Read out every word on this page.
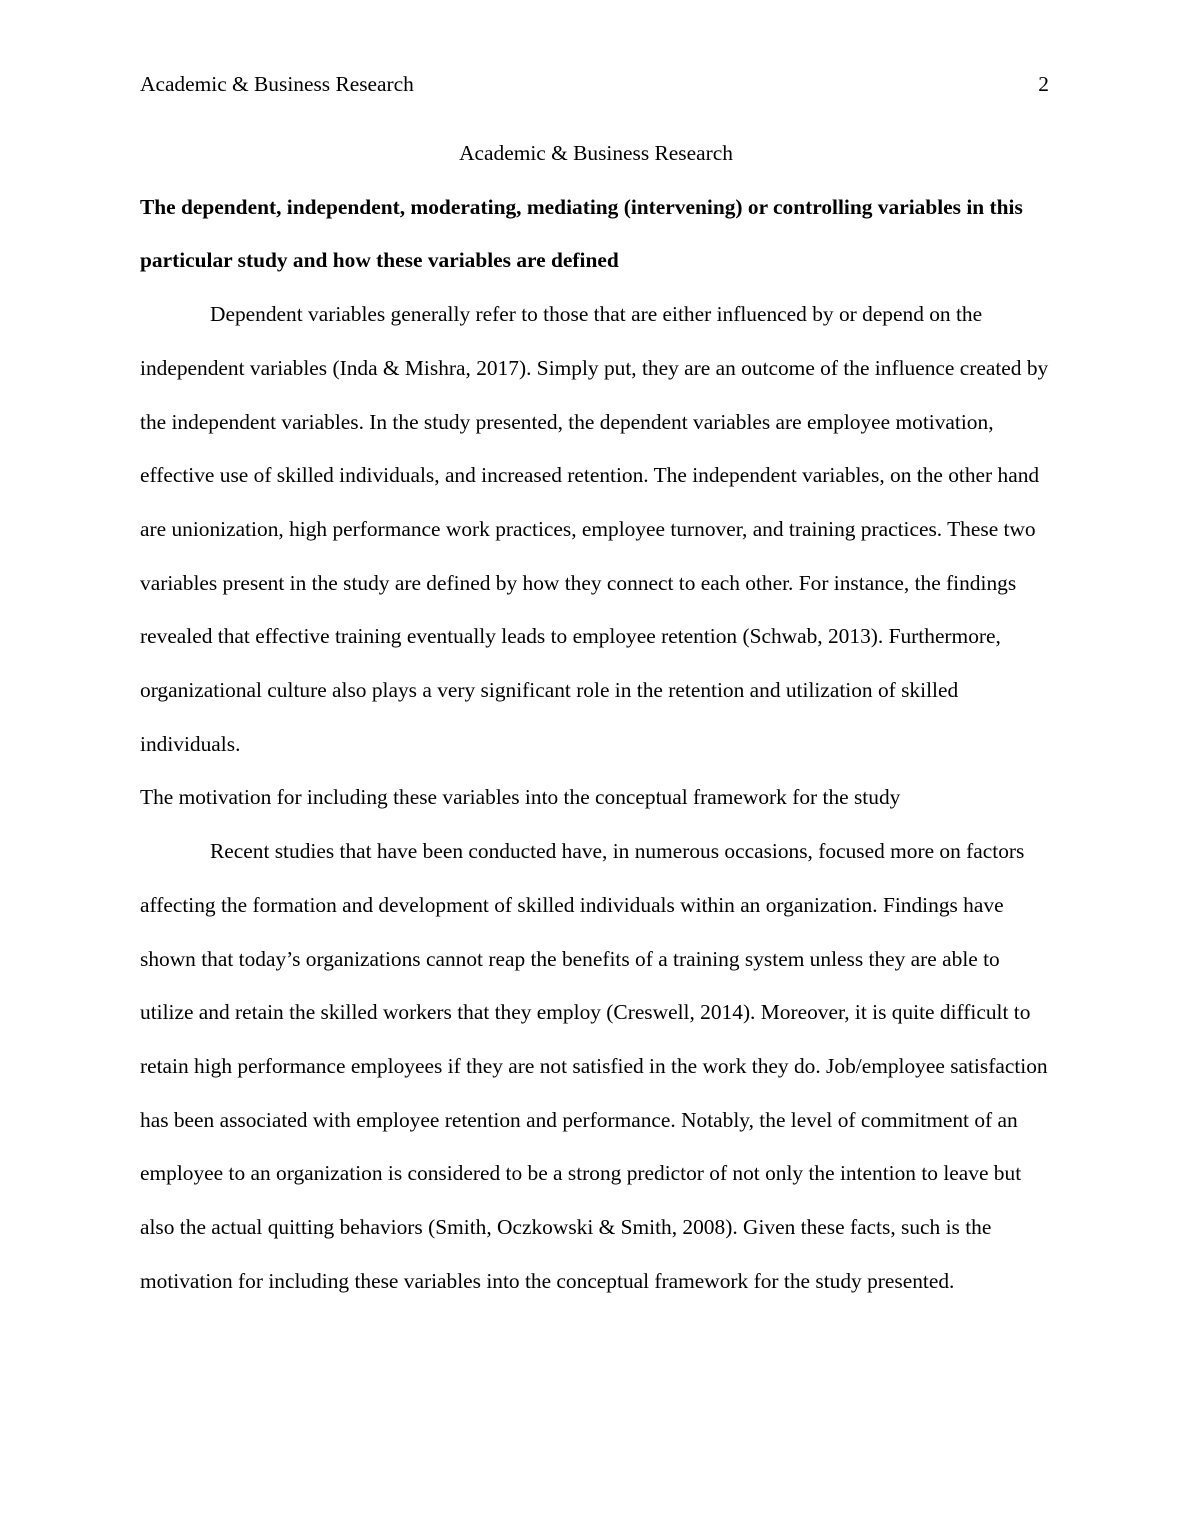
Academic & Business Research	2

Academic & Business Research

The dependent, independent, moderating, mediating (intervening) or controlling variables in this particular study and how these variables are defined

Dependent variables generally refer to those that are either influenced by or depend on the independent variables (Inda & Mishra, 2017). Simply put, they are an outcome of the influence created by the independent variables. In the study presented, the dependent variables are employee motivation, effective use of skilled individuals, and increased retention. The independent variables, on the other hand are unionization, high performance work practices, employee turnover, and training practices. These two variables present in the study are defined by how they connect to each other. For instance, the findings revealed that effective training eventually leads to employee retention (Schwab, 2013). Furthermore, organizational culture also plays a very significant role in the retention and utilization of skilled individuals.

The motivation for including these variables into the conceptual framework for the study

Recent studies that have been conducted have, in numerous occasions, focused more on factors affecting the formation and development of skilled individuals within an organization. Findings have shown that today’s organizations cannot reap the benefits of a training system unless they are able to utilize and retain the skilled workers that they employ (Creswell, 2014). Moreover, it is quite difficult to retain high performance employees if they are not satisfied in the work they do. Job/employee satisfaction has been associated with employee retention and performance. Notably, the level of commitment of an employee to an organization is considered to be a strong predictor of not only the intention to leave but also the actual quitting behaviors (Smith, Oczkowski & Smith, 2008). Given these facts, such is the motivation for including these variables into the conceptual framework for the study presented.
